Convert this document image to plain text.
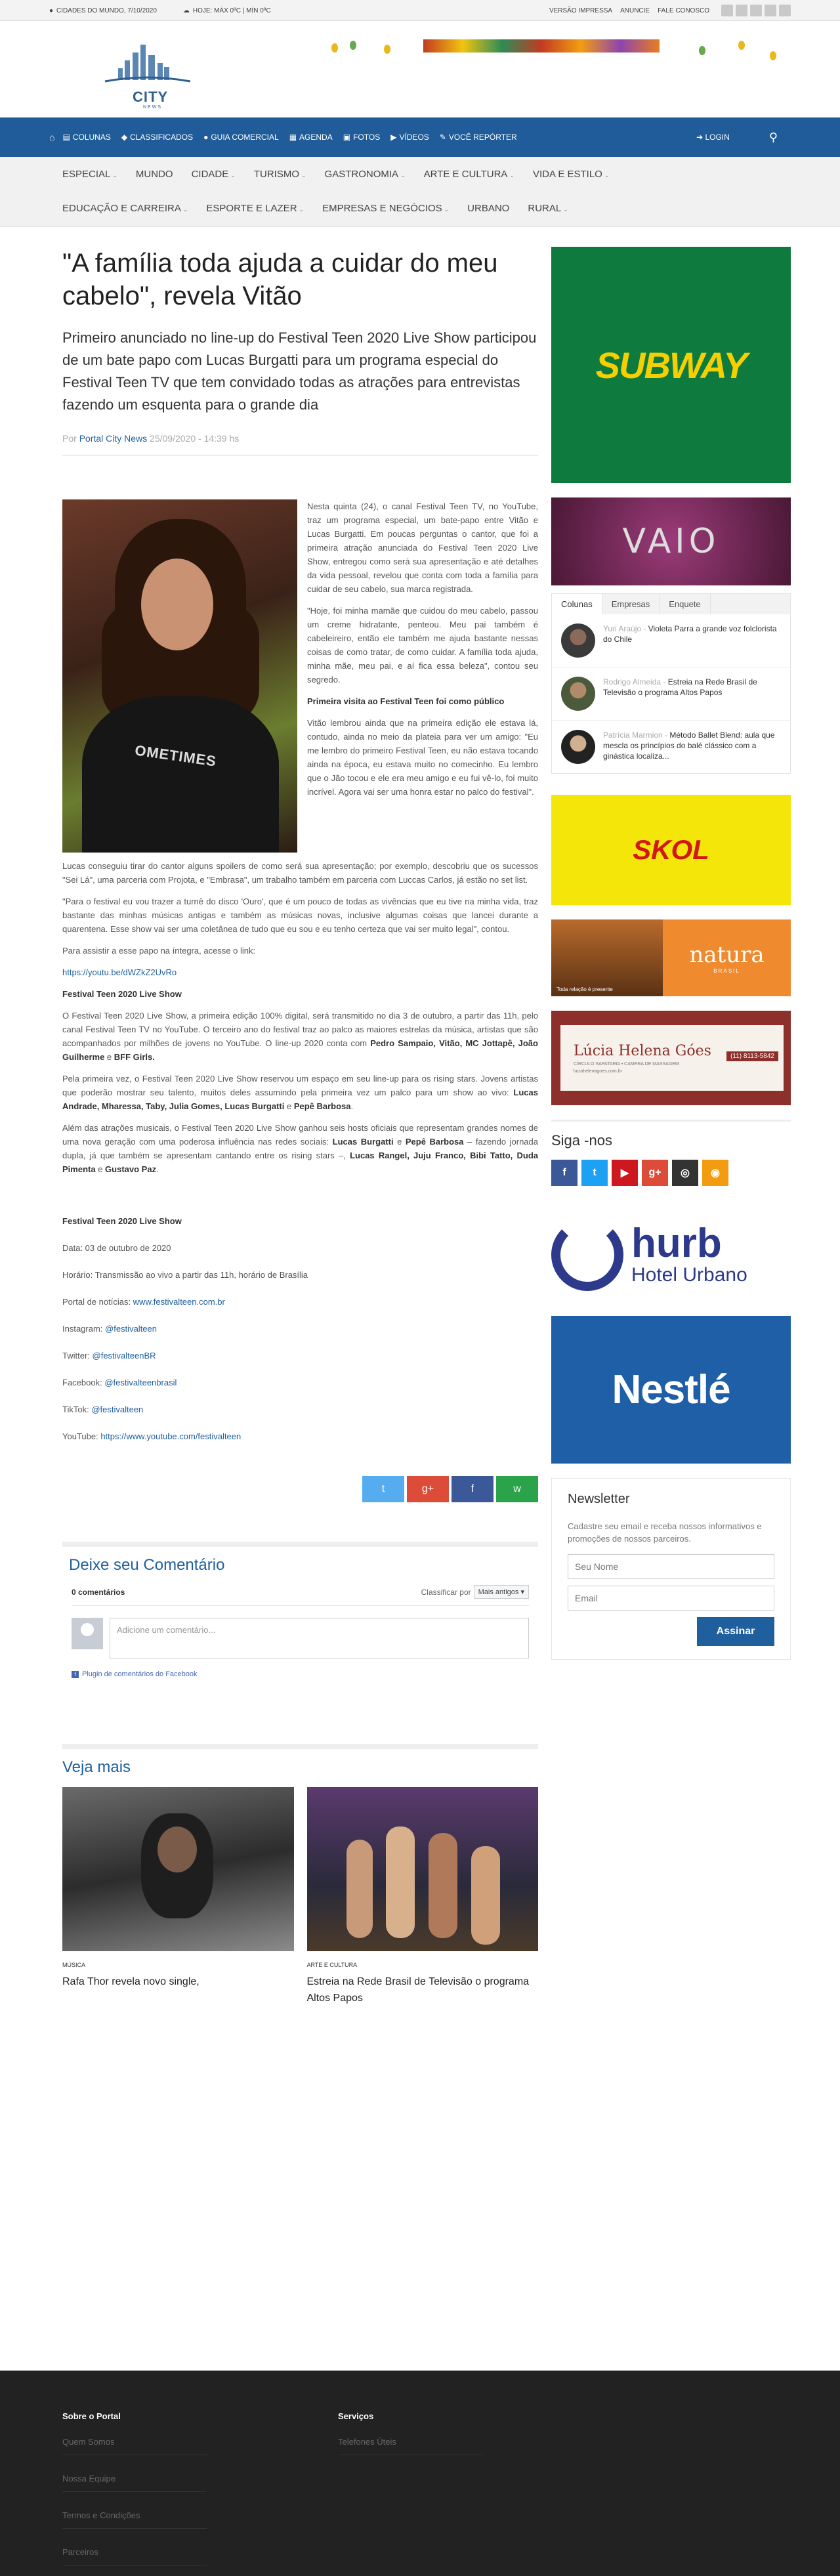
● CIDADES DO MUNDO, 7/10/2020	☁ HOJE: MÁX 0ºC | MÍN 0ºC	VERSÃO IMPRESSA ANUNCIE FALE CONOSCO
CITY
NEWS
⌂ ▤ COLUNAS ◆ CLASSIFICADOS ● GUIA COMERCIAL ▦ AGENDA ▣ FOTOS ▶ VÍDEOS ✎ VOCÊ REPÓRTER	➔ LOGIN	⚲
ESPECIAL ⌄ MUNDO CIDADE ⌄ TURISMO ⌄ GASTRONOMIA ⌄ ARTE E CULTURA ⌄ VIDA E ESTILO ⌄
EDUCAÇÃO E CARREIRA ⌄ ESPORTE E LAZER ⌄ EMPRESAS E NEGÓCIOS ⌄ URBANO RURAL ⌄
"A família toda ajuda a cuidar do meu cabelo", revela Vitão
Primeiro anunciado no line-up do Festival Teen 2020 Live Show participou de um bate papo com Lucas Burgatti para um programa especial do Festival Teen TV que tem convidado todas as atrações para entrevistas fazendo um esquenta para o grande dia
Por Portal City News 25/09/2020 - 14:39 hs
OMETIMES

Nesta quinta (24), o canal Festival Teen TV, no YouTube, traz um programa especial, um bate-papo entre Vitão e Lucas Burgatti. Em poucas perguntas o cantor, que foi a primeira atração anunciada do Festival Teen 2020 Live Show, entregou como será sua apresentação e até detalhes da vida pessoal, revelou que conta com toda a família para cuidar de seu cabelo, sua marca registrada.

"Hoje, foi minha mamãe que cuidou do meu cabelo, passou um creme hidratante, penteou. Meu pai também é cabeleireiro, então ele também me ajuda bastante nessas coisas de como tratar, de como cuidar. A família toda ajuda, minha mãe, meu pai, e aí fica essa beleza", contou seu segredo.

Primeira visita ao Festival Teen foi como público

Vitão lembrou ainda que na primeira edição ele estava lá, contudo, ainda no meio da plateia para ver um amigo: "Eu me lembro do primeiro Festival Teen, eu não estava tocando ainda na época, eu estava muito no comecinho. Eu lembro que o Jão tocou e ele era meu amigo e eu fui vê-lo, foi muito incrível. Agora vai ser uma honra estar no palco do festival".

Lucas conseguiu tirar do cantor alguns spoilers de como será sua apresentação; por exemplo, descobriu que os sucessos "Sei Lá", uma parceria com Projota, e "Embrasa", um trabalho também em parceria com Luccas Carlos, já estão no set list.

"Para o festival eu vou trazer a turnê do disco 'Ouro', que é um pouco de todas as vivências que eu tive na minha vida, traz bastante das minhas músicas antigas e também as músicas novas, inclusive algumas coisas que lancei durante a quarentena. Esse show vai ser uma coletânea de tudo que eu sou e eu tenho certeza que vai ser muito legal", contou.

Para assistir a esse papo na íntegra, acesse o link:

https://youtu.be/dWZkZ2UvRo

Festival Teen 2020 Live Show

O Festival Teen 2020 Live Show, a primeira edição 100% digital, será transmitido no dia 3 de outubro, a partir das 11h, pelo canal Festival Teen TV no YouTube. O terceiro ano do festival traz ao palco as maiores estrelas da música, artistas que são acompanhados por milhões de jovens no YouTube. O line-up 2020 conta com Pedro Sampaio, Vitão, MC Jottapê, João Guilherme e BFF Girls.

Pela primeira vez, o Festival Teen 2020 Live Show reservou um espaço em seu line-up para os rising stars. Jovens artistas que poderão mostrar seu talento, muitos deles assumindo pela primeira vez um palco para um show ao vivo: Lucas Andrade, Mharessa, Taby, Julia Gomes, Lucas Burgatti e Pepê Barbosa.

Além das atrações musicais, o Festival Teen 2020 Live Show ganhou seis hosts oficiais que representam grandes nomes de uma nova geração com uma poderosa influência nas redes sociais: Lucas Burgatti e Pepê Barbosa – fazendo jornada dupla, já que também se apresentam cantando entre os rising stars –, Lucas Rangel, Juju Franco, Bibi Tatto, Duda Pimenta e Gustavo Paz.

Festival Teen 2020 Live Show

Data: 03 de outubro de 2020

Horário: Transmissão ao vivo a partir das 11h, horário de Brasília

Portal de notícias: www.festivalteen.com.br

Instagram: @festivalteen

Twitter: @festivalteenBR

Facebook: @festivalteenbrasil

TikTok: @festivalteen

YouTube: https://www.youtube.com/festivalteen

t	g+	f	w
Deixe seu Comentário
0 comentários	Classificar por	Mais antigos ▾
Adicione um comentário...
f Plugin de comentários do Facebook
Veja mais
MÚSICA
Rafa Thor revela novo single,
ARTE E CULTURA
Estreia na Rede Brasil de Televisão o programa Altos Papos
SUBWAY
VAIO
Colunas	Empresas	Enquete
Yuri Araújo - Violeta Parra a grande voz folclorista do Chile
Rodrigo Almeida - Estreia na Rede Brasil de Televisão o programa Altos Papos
Patrícia Marmion - Método Ballet Blend: aula que mescla os princípios do balé clássico com a ginástica localiza...
SKOL
Toda relação é presente
natura
BRASIL
Lúcia Helena Góes
CÍRCULO SAPATARIA • CAMERA DE MASSAGEM
luciahelenagoes.com.br
(11) 8113-5842
Siga -nos
f	t	▶	g+	◎	◉
hurb
Hotel Urbano
Nestlé
Newsletter

Cadastre seu email e receba nossos informativos e promoções de nossos parceiros.

Seu Nome Email
Assinar
Sobre o Portal
Quem Somos
Nossa Equipe
Termos e Condições
Parceiros
Serviços
Telefones Úteis
